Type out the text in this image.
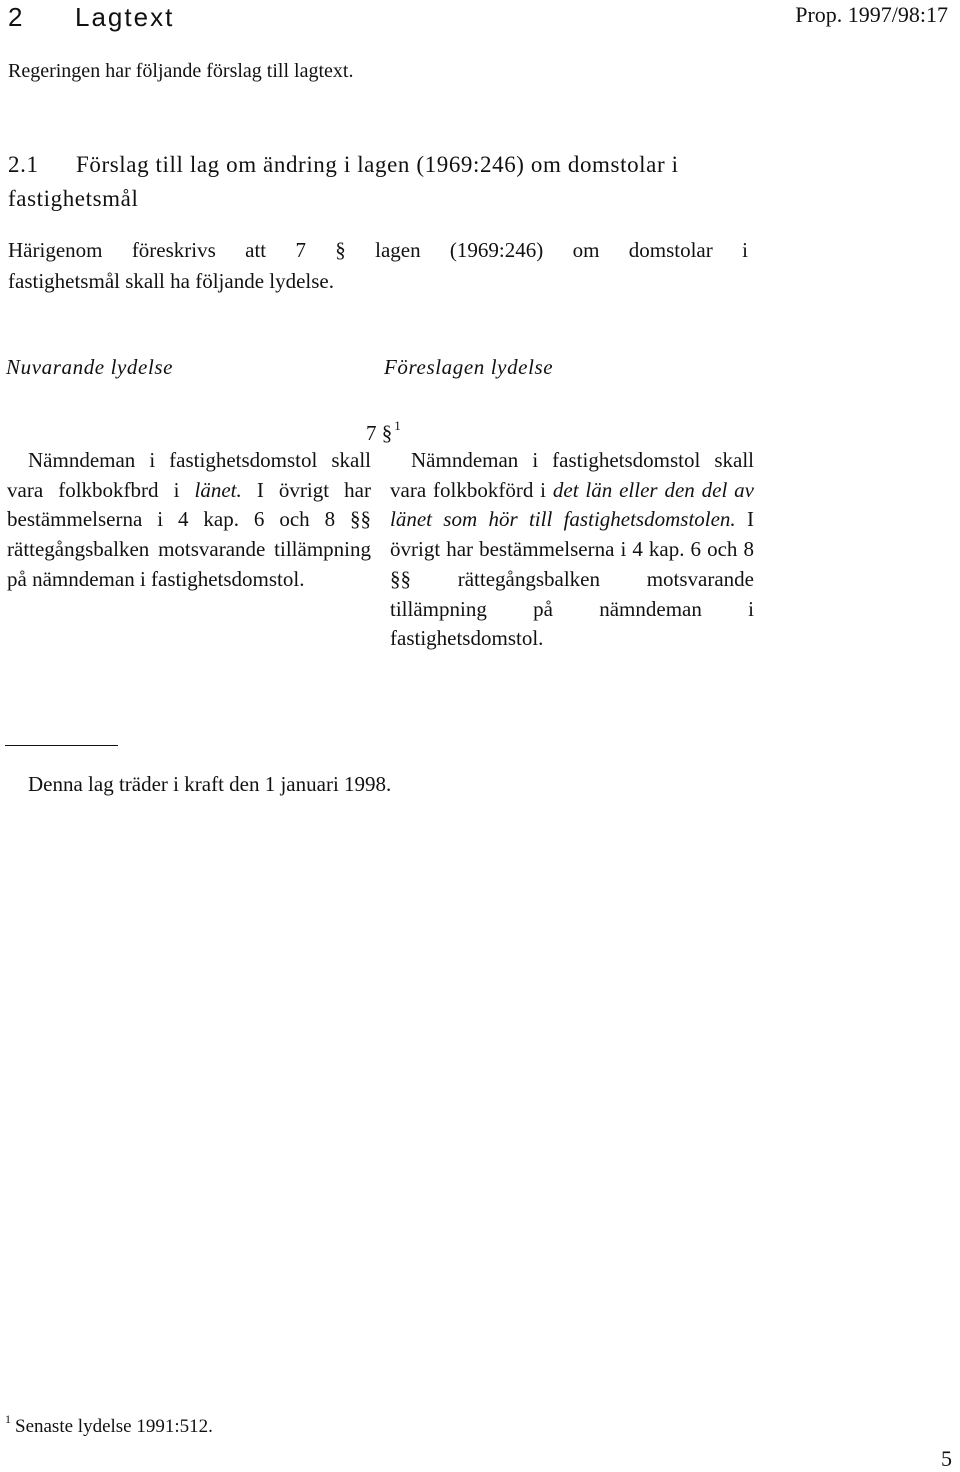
2 Lagtext	Prop. 1997/98:17
Regeringen har följande förslag till lagtext.
2.1 Förslag till lag om ändring i lagen (1969:246) om domstolar i fastighetsmål
Härigenom föreskrivs att 7 § lagen (1969:246) om domstolar i
fastighetsmål skall ha följande lydelse.
Nuvarande lydelse	Föreslagen lydelse
7 § $^1$

Nämndeman i fastighetsdomstol skall vara folkbokfbrd i länet. I övrigt har bestämmelserna i 4 kap. 6 och 8 §§ rättegångsbalken motsvarande tillämpning på nämndeman i fastighetsdomstol.

Nämndeman i fastighetsdomstol skall vara folkbokförd i det län eller den del av länet som hör till fastighetsdomstolen. I övrigt har bestämmelserna i 4 kap. 6 och 8 §§ rättegångsbalken motsvarande tillämpning på nämndeman i fastighetsdomstol.

Denna lag träder i kraft den 1 januari 1998.
$^1$ Senaste lydelse 1991:512.
5
